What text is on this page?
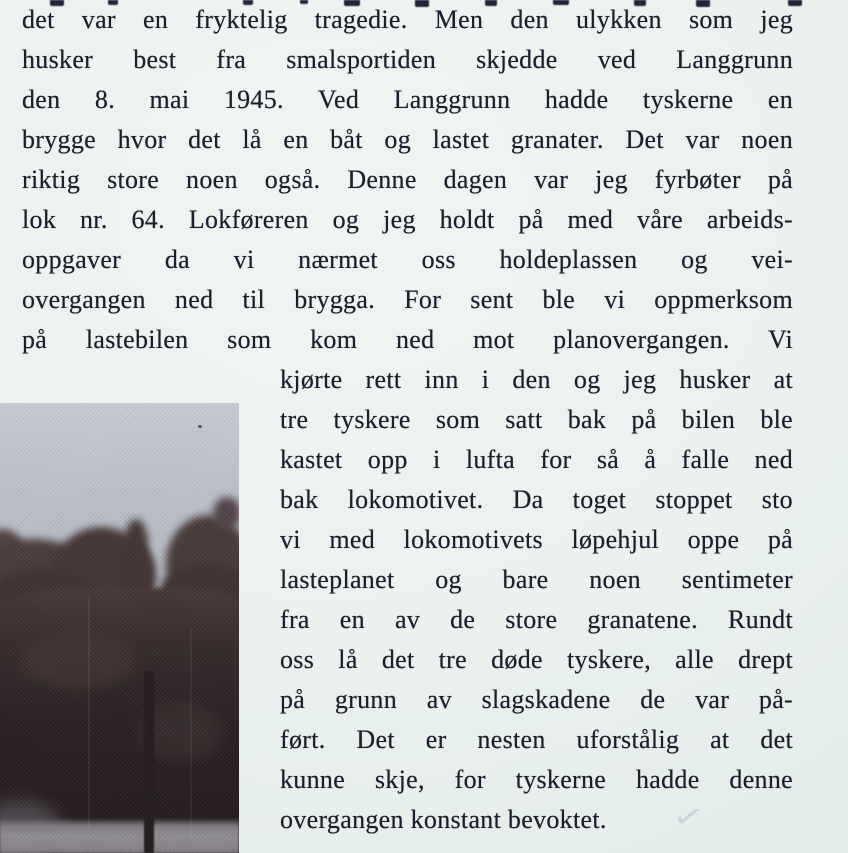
det var en fryktelig tragedie. Men den ulykken som jeg
husker best fra smalsportiden skjedde ved Langgrunn
den 8. mai 1945. Ved Langgrunn hadde tyskerne en
brygge hvor det lå en båt og lastet granater. Det var noen
riktig store noen også. Denne dagen var jeg fyrbøter på
lok nr. 64. Lokføreren og jeg holdt på med våre arbeids-
oppgaver da vi nærmet oss holdeplassen og vei-
overgangen ned til brygga. For sent ble vi oppmerksom
på lastebilen som kom ned mot planovergangen. Vi
kjørte rett inn i den og jeg husker at
tre tyskere som satt bak på bilen ble
kastet opp i lufta for så å falle ned
bak lokomotivet. Da toget stoppet sto
vi med lokomotivets løpehjul oppe på
lasteplanet og bare noen sentimeter
fra en av de store granatene. Rundt
oss lå det tre døde tyskere, alle drept
på grunn av slagskadene de var på-
ført. Det er nesten uforstålig at det
kunne skje, for tyskerne hadde denne
overgangen konstant bevoktet.	✓
